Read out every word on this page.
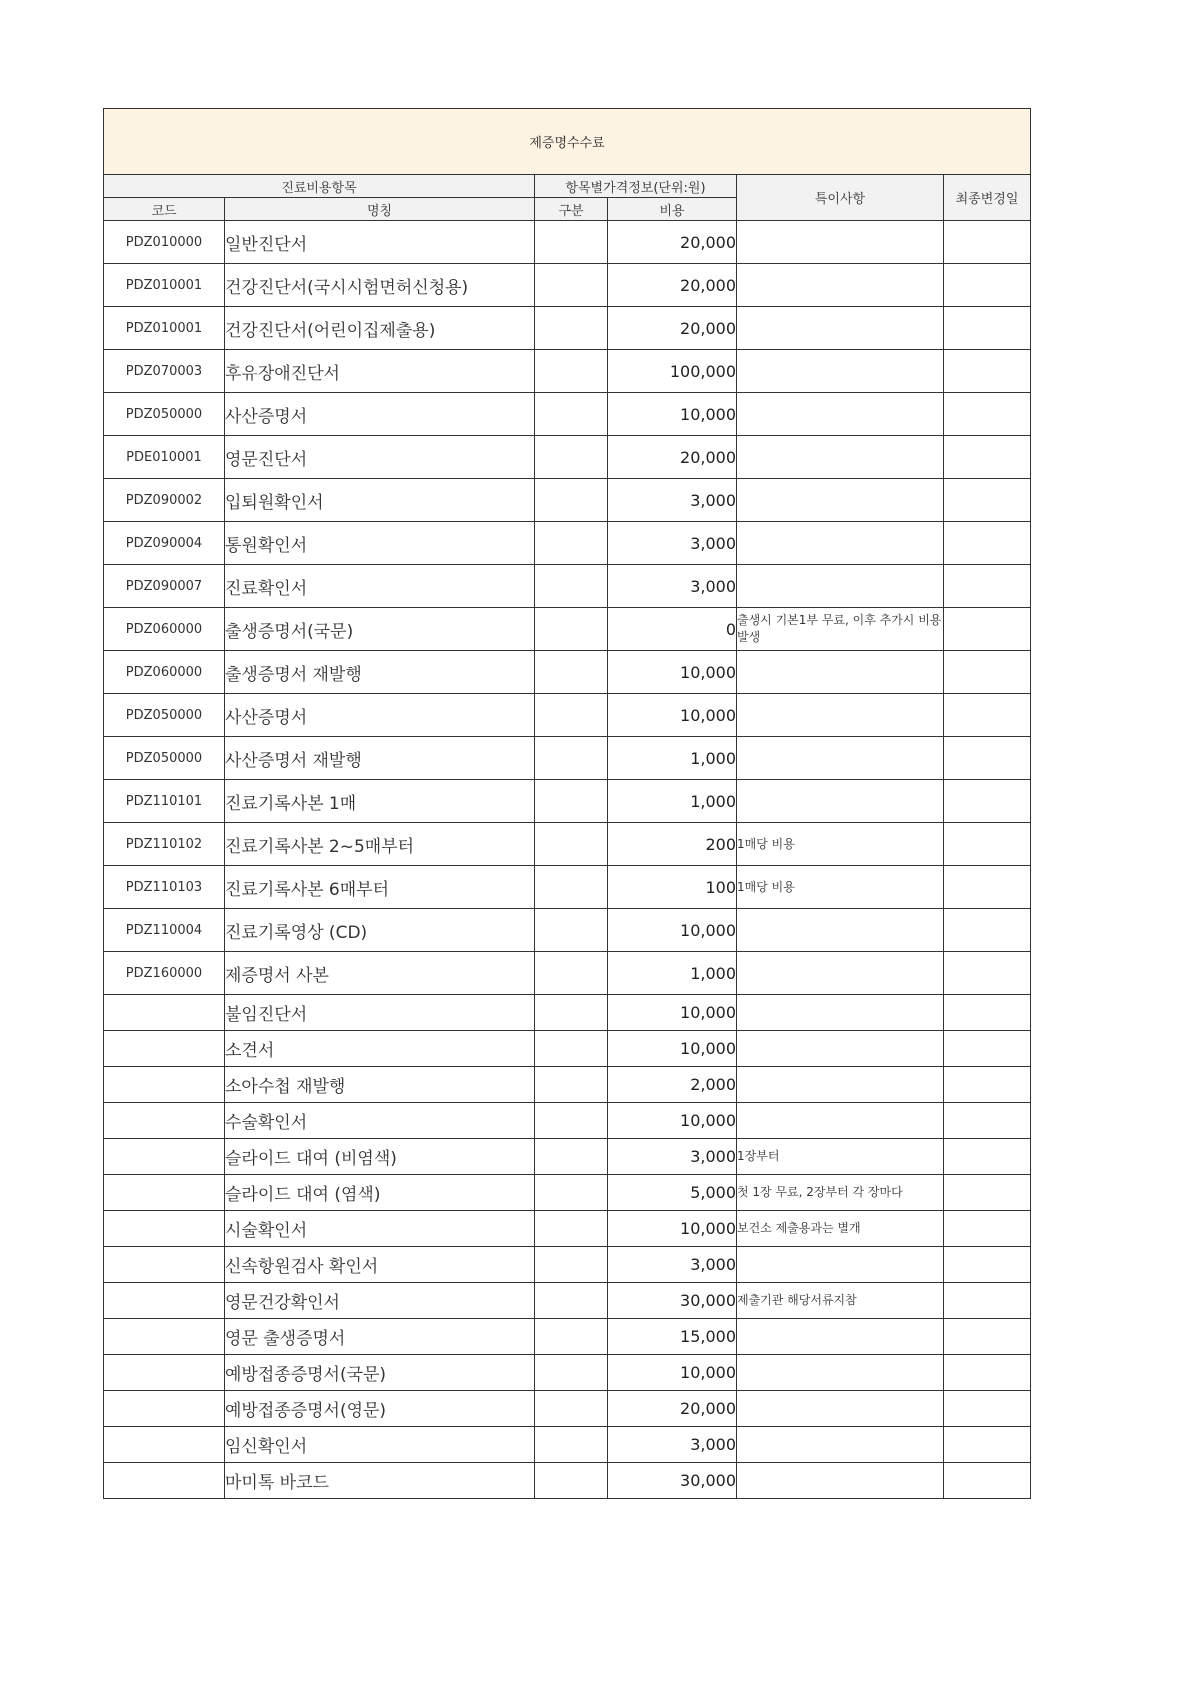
제증명수수료					
진료비용항목		항목별가격정보(단위:원)		특이사항	최종변경일
코드	명칭	구분	비용		
PDZ010000	일반진단서		20,000		
PDZ010001	건강진단서(국시시험면허신청용)		20,000		
PDZ010001	건강진단서(어린이집제출용)		20,000		
PDZ070003	후유장애진단서		100,000		
PDZ050000	사산증명서		10,000		
PDE010001	영문진단서		20,000		
PDZ090002	입퇴원확인서		3,000		
PDZ090004	통원확인서		3,000		
PDZ090007	진료확인서		3,000		
PDZ060000	출생증명서(국문)		0	출생시 기본1부 무료, 이후 추가시 비용발생	
PDZ060000	출생증명서 재발행		10,000		
PDZ050000	사산증명서		10,000		
PDZ050000	사산증명서 재발행		1,000		
PDZ110101	진료기록사본 1매		1,000		
PDZ110102	진료기록사본 2~5매부터		200	1매당 비용	
PDZ110103	진료기록사본 6매부터		100	1매당 비용	
PDZ110004	진료기록영상 (CD)		10,000		
PDZ160000	제증명서 사본		1,000		
	불임진단서		10,000		
	소견서		10,000		
	소아수첩 재발행		2,000		
	수술확인서		10,000		
	슬라이드 대여 (비염색)		3,000	1장부터	
	슬라이드 대여 (염색)		5,000	첫 1장 무료, 2장부터 각 장마다	
	시술확인서		10,000	보건소 제출용과는 별개	
	신속항원검사 확인서		3,000		
	영문건강확인서		30,000	제출기관 해당서류지참	
	영문 출생증명서		15,000		
	예방접종증명서(국문)		10,000		
	예방접종증명서(영문)		20,000		
	임신확인서		3,000		
	마미톡 바코드		30,000		
